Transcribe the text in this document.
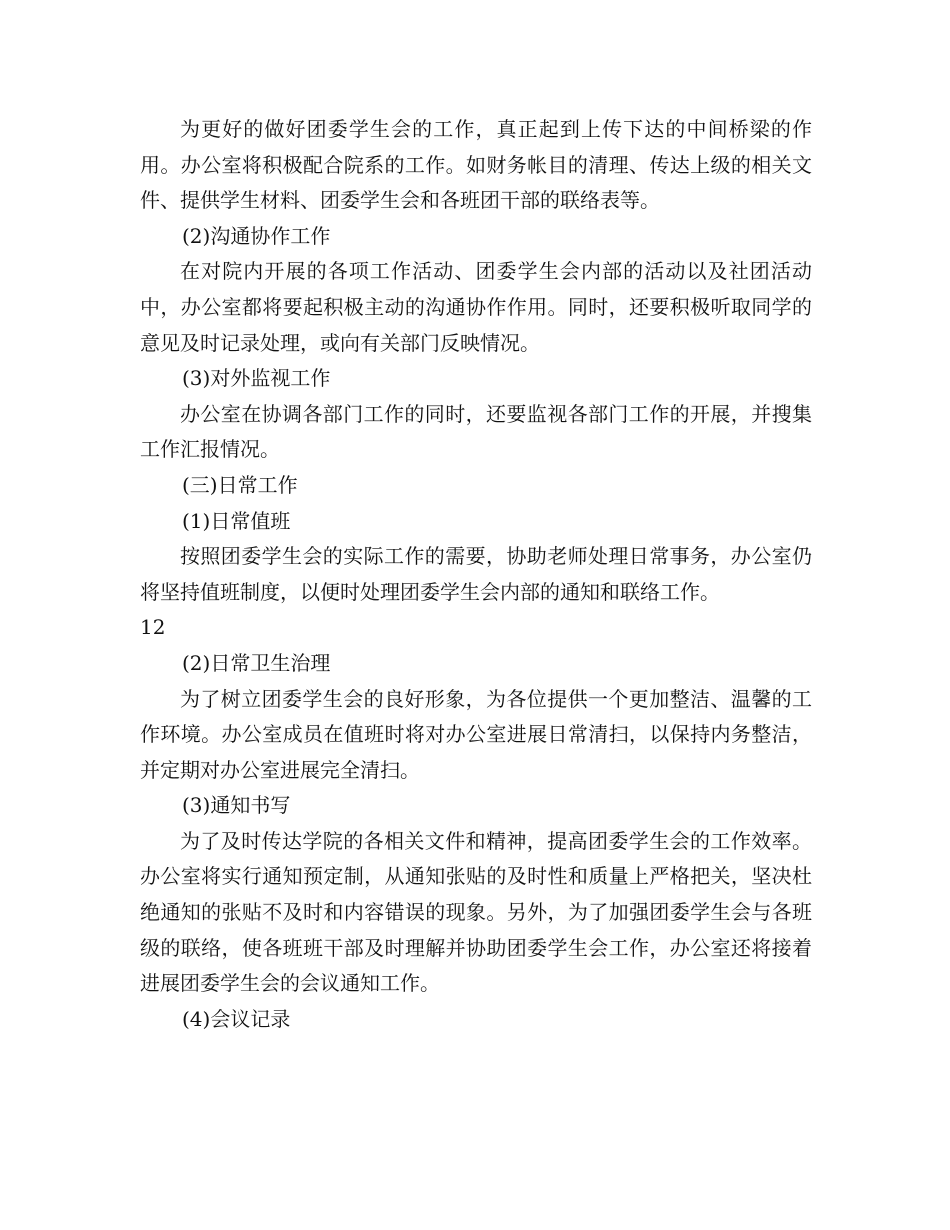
为更好的做好团委学生会的工作，真正起到上传下达的中间桥梁的作用。办公室将积极配合院系的工作。如财务帐目的清理、传达上级的相关文件、提供学生材料、团委学生会和各班团干部的联络表等。

(2)沟通协作工作

在对院内开展的各项工作活动、团委学生会内部的活动以及社团活动中，办公室都将要起积极主动的沟通协作作用。同时，还要积极听取同学的意见及时记录处理，或向有关部门反映情况。

(3)对外监视工作

办公室在协调各部门工作的同时，还要监视各部门工作的开展，并搜集工作汇报情况。

(三)日常工作

(1)日常值班

按照团委学生会的实际工作的需要，协助老师处理日常事务，办公室仍将坚持值班制度，以便时处理团委学生会内部的通知和联络工作。

12

(2)日常卫生治理

为了树立团委学生会的良好形象，为各位提供一个更加整洁、温馨的工作环境。办公室成员在值班时将对办公室进展日常清扫，以保持内务整洁，并定期对办公室进展完全清扫。

(3)通知书写

为了及时传达学院的各相关文件和精神，提高团委学生会的工作效率。办公室将实行通知预定制，从通知张贴的及时性和质量上严格把关，坚决杜绝通知的张贴不及时和内容错误的现象。另外，为了加强团委学生会与各班级的联络，使各班班干部及时理解并协助团委学生会工作，办公室还将接着进展团委学生会的会议通知工作。

(4)会议记录
